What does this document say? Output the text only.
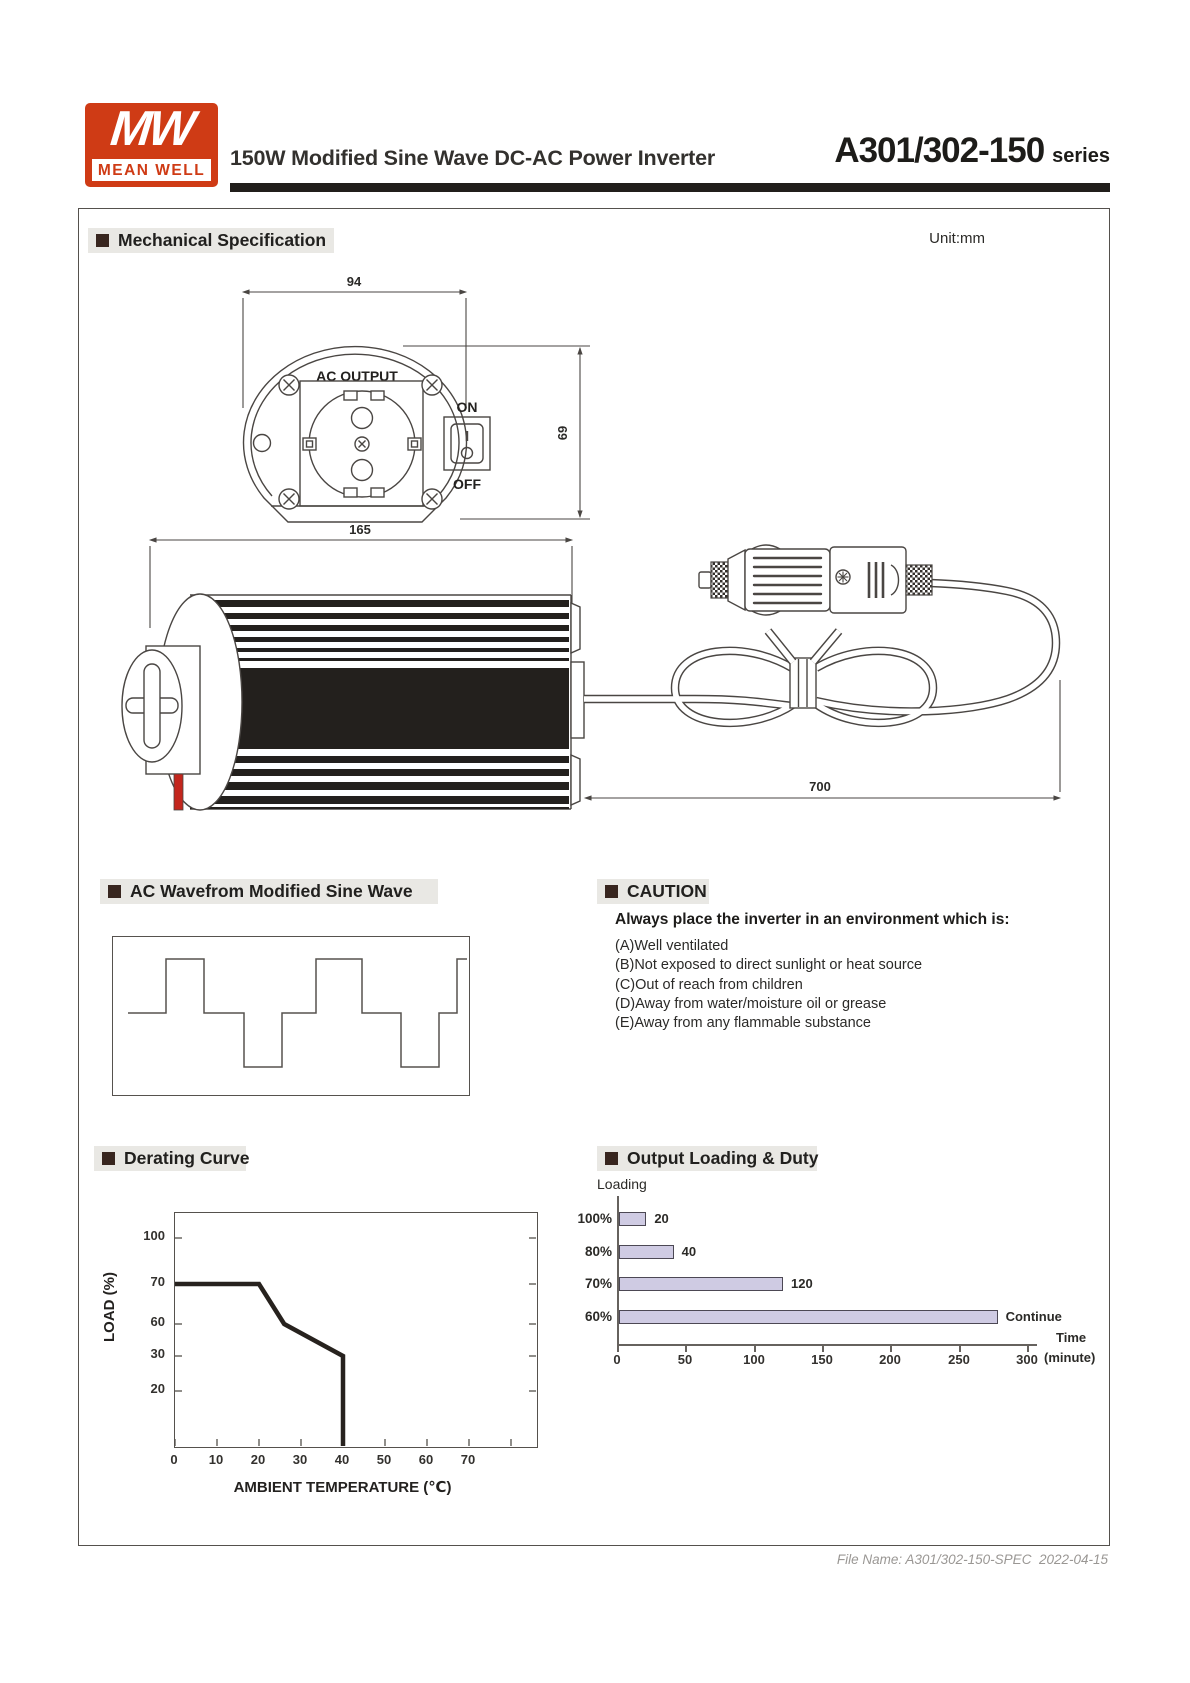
MW
MEAN WELL
150W Modified Sine Wave DC-AC Power Inverter	A301/302-150 series
Mechanical Specification	Unit:mm
94
69
AC OUTPUT
ON
OFF
165
700
AC Wavefrom Modified Sine Wave	CAUTION
Always place the inverter in an environment which is:
(A)Well ventilated
(B)Not exposed to direct sunlight or heat source
(C)Out of reach from children
(D)Away from water/moisture oil or grease
(E)Away from any flammable substance
Derating Curve
LOAD (%)
AMBIENT TEMPERATURE (℃)
Output Loading & Duty
Loading
Time
(minute)
File Name: A301/302-150-SPEC  2022-04-15
100
70
60
30
20
0	10	20	30	40	50	60	70
100%	20
80%	40
70%	120
60%	Continue
0	50	100	150	200	250	300
